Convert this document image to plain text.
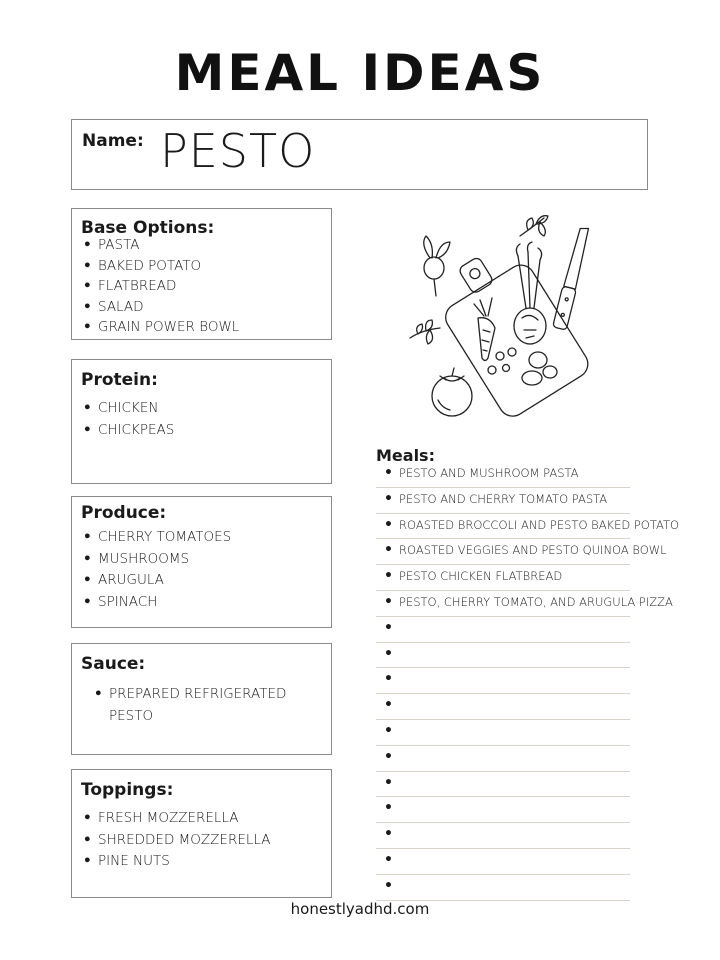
MEAL IDEAS
Name: PESTO
Base Options:
• PASTA
• BAKED POTATO
• FLATBREAD
• SALAD
• GRAIN POWER BOWL
Protein:
• CHICKEN
• CHICKPEAS
Produce:
• CHERRY TOMATOES
• MUSHROOMS
• ARUGULA
• SPINACH
Sauce:
• PREPARED REFRIGERATED PESTO
Toppings:
• FRESH MOZZERELLA
• SHREDDED MOZZERELLA
• PINE NUTS
Meals:
• PESTO AND MUSHROOM PASTA
• PESTO AND CHERRY TOMATO PASTA
• ROASTED BROCCOLI AND PESTO BAKED POTATO
• ROASTED VEGGIES AND PESTO QUINOA BOWL
• PESTO CHICKEN FLATBREAD
• PESTO, CHERRY TOMATO, AND ARUGULA PIZZA
•
•
•
•
•
•
•
•
•
•
•
honestlyadhd.com
